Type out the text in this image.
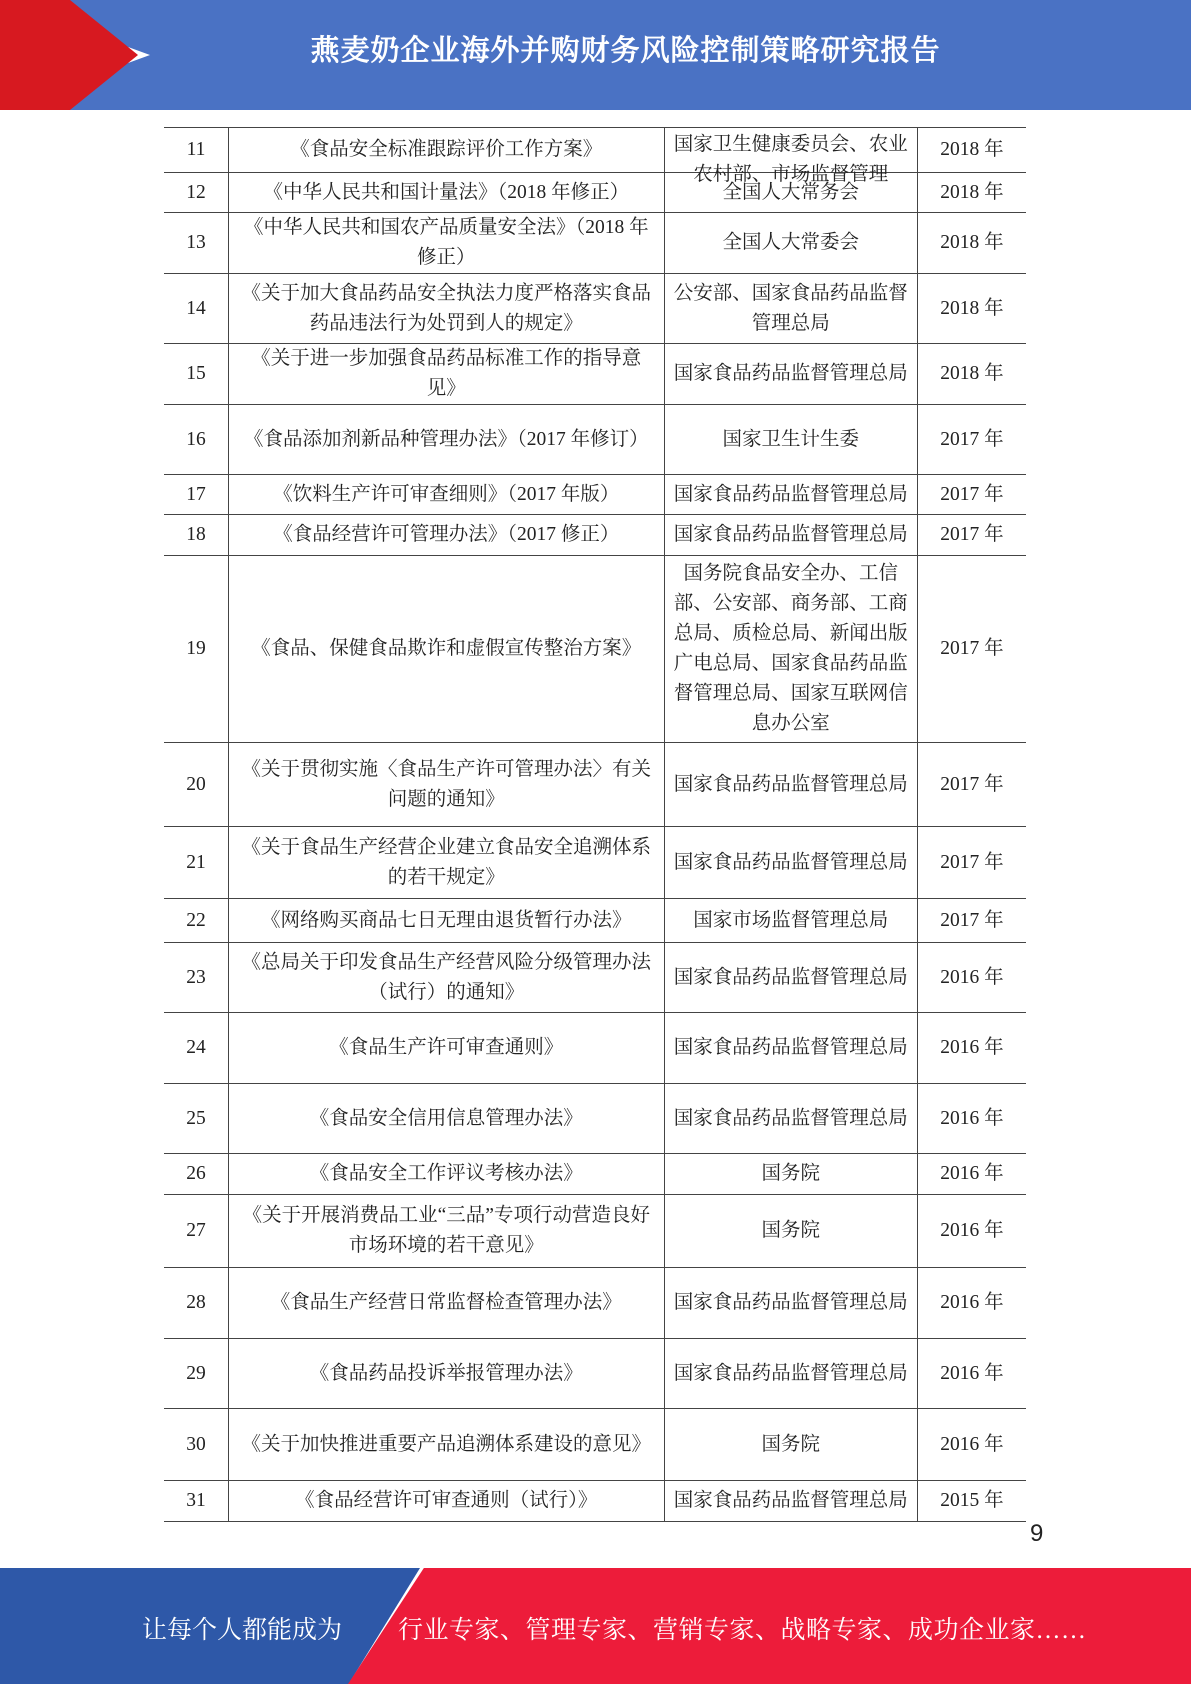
燕麦奶企业海外并购财务风险控制策略研究报告
11	《食品安全标准跟踪评价工作方案》	国家卫生健康委员会、农业农村部、市场监督管理	2018 年
12	《中华人民共和国计量法》（2018 年修正）	全国人大常务会	2018 年
13	《中华人民共和国农产品质量安全法》（2018 年修正）	全国人大常委会	2018 年
14	《关于加大食品药品安全执法力度严格落实食品药品违法行为处罚到人的规定》	公安部、国家食品药品监督管理总局	2018 年
15	《关于进一步加强食品药品标准工作的指导意见》	国家食品药品监督管理总局	2018 年
16	《食品添加剂新品种管理办法》（2017 年修订）	国家卫生计生委	2017 年
17	《饮料生产许可审查细则》（2017 年版）	国家食品药品监督管理总局	2017 年
18	《食品经营许可管理办法》（2017 修正）	国家食品药品监督管理总局	2017 年
19	《食品、保健食品欺诈和虚假宣传整治方案》	国务院食品安全办、工信部、公安部、商务部、工商总局、质检总局、新闻出版广电总局、国家食品药品监督管理总局、国家互联网信息办公室	2017 年
20	《关于贯彻实施〈食品生产许可管理办法〉有关问题的通知》	国家食品药品监督管理总局	2017 年
21	《关于食品生产经营企业建立食品安全追溯体系的若干规定》	国家食品药品监督管理总局	2017 年
22	《网络购买商品七日无理由退货暂行办法》	国家市场监督管理总局	2017 年
23	《总局关于印发食品生产经营风险分级管理办法（试行）的通知》	国家食品药品监督管理总局	2016 年
24	《食品生产许可审查通则》	国家食品药品监督管理总局	2016 年
25	《食品安全信用信息管理办法》	国家食品药品监督管理总局	2016 年
26	《食品安全工作评议考核办法》	国务院	2016 年
27	《关于开展消费品工业“三品”专项行动营造良好市场环境的若干意见》	国务院	2016 年
28	《食品生产经营日常监督检查管理办法》	国家食品药品监督管理总局	2016 年
29	《食品药品投诉举报管理办法》	国家食品药品监督管理总局	2016 年
30	《关于加快推进重要产品追溯体系建设的意见》	国务院	2016 年
31	《食品经营许可审查通则（试行）》	国家食品药品监督管理总局	2015 年
9
让每个人都能成为 行业专家、管理专家、营销专家、战略专家、成功企业家……
